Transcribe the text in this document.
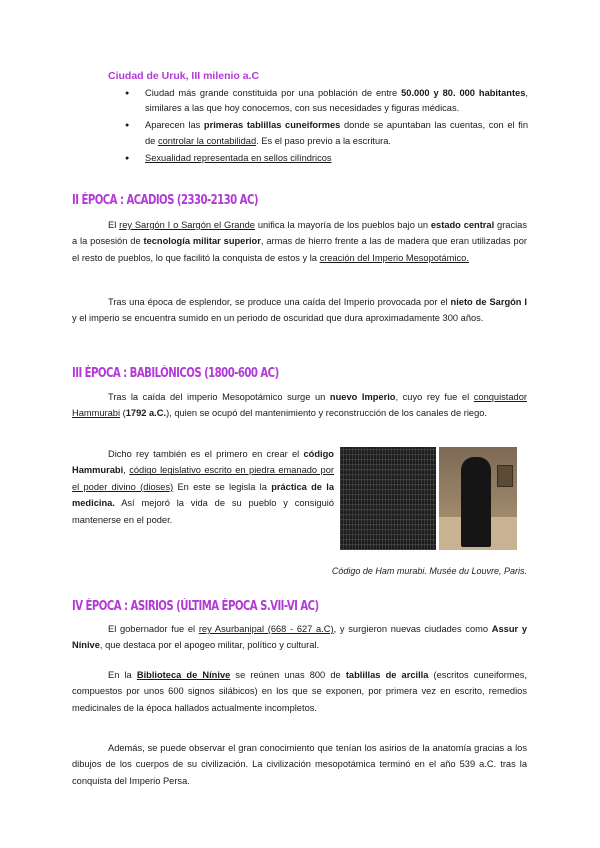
Ciudad de Uruk, III milenio a.C
● Ciudad más grande constituida por una población de entre 50.000 y 80. 000 habitantes, similares a las que hoy conocemos, con sus necesidades y figuras médicas.
● Aparecen las primeras tablillas cuneiformes donde se apuntaban las cuentas, con el fin de controlar la contabilidad. Es el paso previo a la escritura.
● Sexualidad representada en sellos cilíndricos
II ÉPOCA : ACADIOS (2330-2130 AC)

El rey Sargón I o Sargón el Grande unifica la mayoría de los pueblos bajo un estado central gracias a la posesión de tecnología militar superior, armas de hierro frente a las de madera que eran utilizadas por el resto de pueblos, lo que facilitó la conquista de estos y la creación del Imperio Mesopotámico.

Tras una época de esplendor, se produce una caída del Imperio provocada por el nieto de Sargón I y el imperio se encuentra sumido en un periodo de oscuridad que dura aproximadamente 300 años.

III ÉPOCA : BABILÓNICOS (1800-600 AC)

Tras la caída del imperio Mesopotámico surge un nuevo Imperio, cuyo rey fue el conquistador Hammurabi (1792 a.C.), quien se ocupó del mantenimiento y reconstrucción de los canales de riego.

Dicho rey también es el primero en crear el código Hammurabi, código legislativo escrito en piedra emanado por el poder divino (dioses) En este se legisla la práctica de la medicina. Así mejoró la vida de su pueblo y consiguió mantenerse en el poder.

Código de Ham murabi. Musée du Louvre, Paris.
IV ÉPOCA : ASIRIOS (ÚLTIMA ÉPOCA S.VII-VI AC)

El gobernador fue el rey Asurbanipal (668 - 627 a.C), y surgieron nuevas ciudades como Assur y Nínive, que destaca por el apogeo militar, político y cultural.

En la Biblioteca de Nínive se reúnen unas 800 de tablillas de arcilla (escritos cuneiformes, compuestos por unos 600 signos silábicos) en los que se exponen, por primera vez en escrito, remedios medicinales de la época hallados actualmente incompletos.

Además, se puede observar el gran conocimiento que tenían los asirios de la anatomía gracias a los dibujos de los cuerpos de su civilización. La civilización mesopotámica terminó en el año 539 a.C. tras la conquista del Imperio Persa.
